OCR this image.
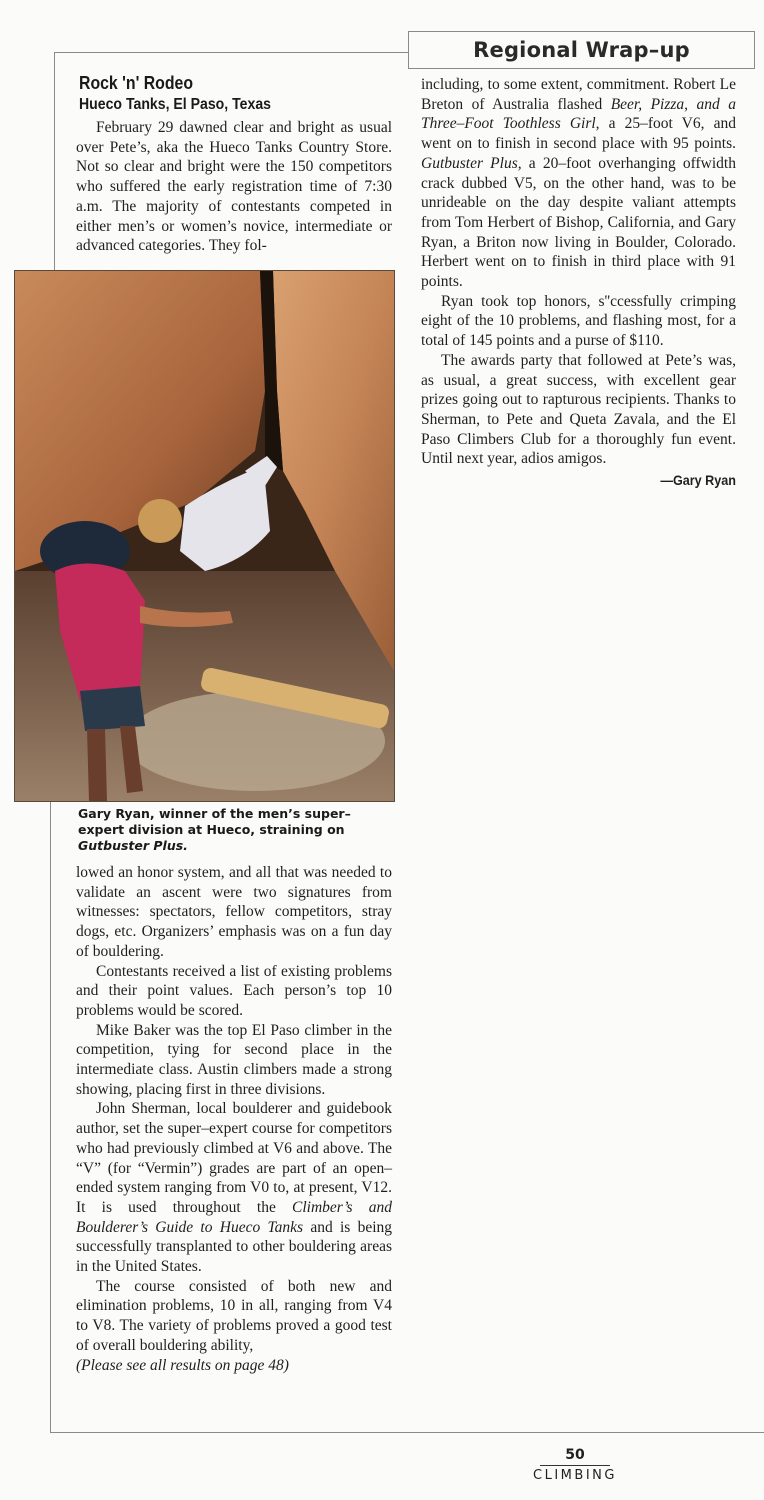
Regional Wrap–up
Rock 'n' Rodeo
Hueco Tanks, El Paso, Texas

February 29 dawned clear and bright as usual over Pete’s, aka the Hueco Tanks Country Store. Not so clear and bright were the 150 competitors who suffered the early registration time of 7:30 a.m. The majority of contestants competed in either men’s or women’s novice, intermediate or advanced categories. They fol-

Gary Ryan, winner of the men’s super–expert division at Hueco, straining on Gutbuster Plus.

lowed an honor system, and all that was needed to validate an ascent were two signatures from witnesses: spectators, fellow competitors, stray dogs, etc. Organizers’ emphasis was on a fun day of bouldering.

Contestants received a list of existing problems and their point values. Each person’s top 10 problems would be scored.

Mike Baker was the top El Paso climber in the competition, tying for second place in the intermediate class. Austin climbers made a strong showing, placing first in three divisions.

John Sherman, local boulderer and guidebook author, set the super–expert course for competitors who had previously climbed at V6 and above. The “V” (for “Vermin”) grades are part of an open–ended system ranging from V0 to, at present, V12. It is used throughout the Climber’s and Boulderer’s Guide to Hueco Tanks and is being successfully transplanted to other bouldering areas in the United States.

The course consisted of both new and elimination problems, 10 in all, ranging from V4 to V8. The variety of problems proved a good test of overall bouldering ability,

(Please see all results on page 48)

including, to some extent, commitment. Robert Le Breton of Australia flashed Beer, Pizza, and a Three–Foot Toothless Girl, a 25–foot V6, and went on to finish in second place with 95 points. Gutbuster Plus, a 20–foot overhanging offwidth crack dubbed V5, on the other hand, was to be unrideable on the day despite valiant attempts from Tom Herbert of Bishop, California, and Gary Ryan, a Briton now living in Boulder, Colorado. Herbert went on to finish in third place with 91 points.

Ryan took top honors, s''ccessfully crimping eight of the 10 problems, and flashing most, for a total of 145 points and a purse of $110.

The awards party that followed at Pete’s was, as usual, a great success, with excellent gear prizes going out to rapturous recipients. Thanks to Sherman, to Pete and Queta Zavala, and the El Paso Climbers Club for a thoroughly fun event. Until next year, adios amigos.

—Gary Ryan
50
CLIMBING
